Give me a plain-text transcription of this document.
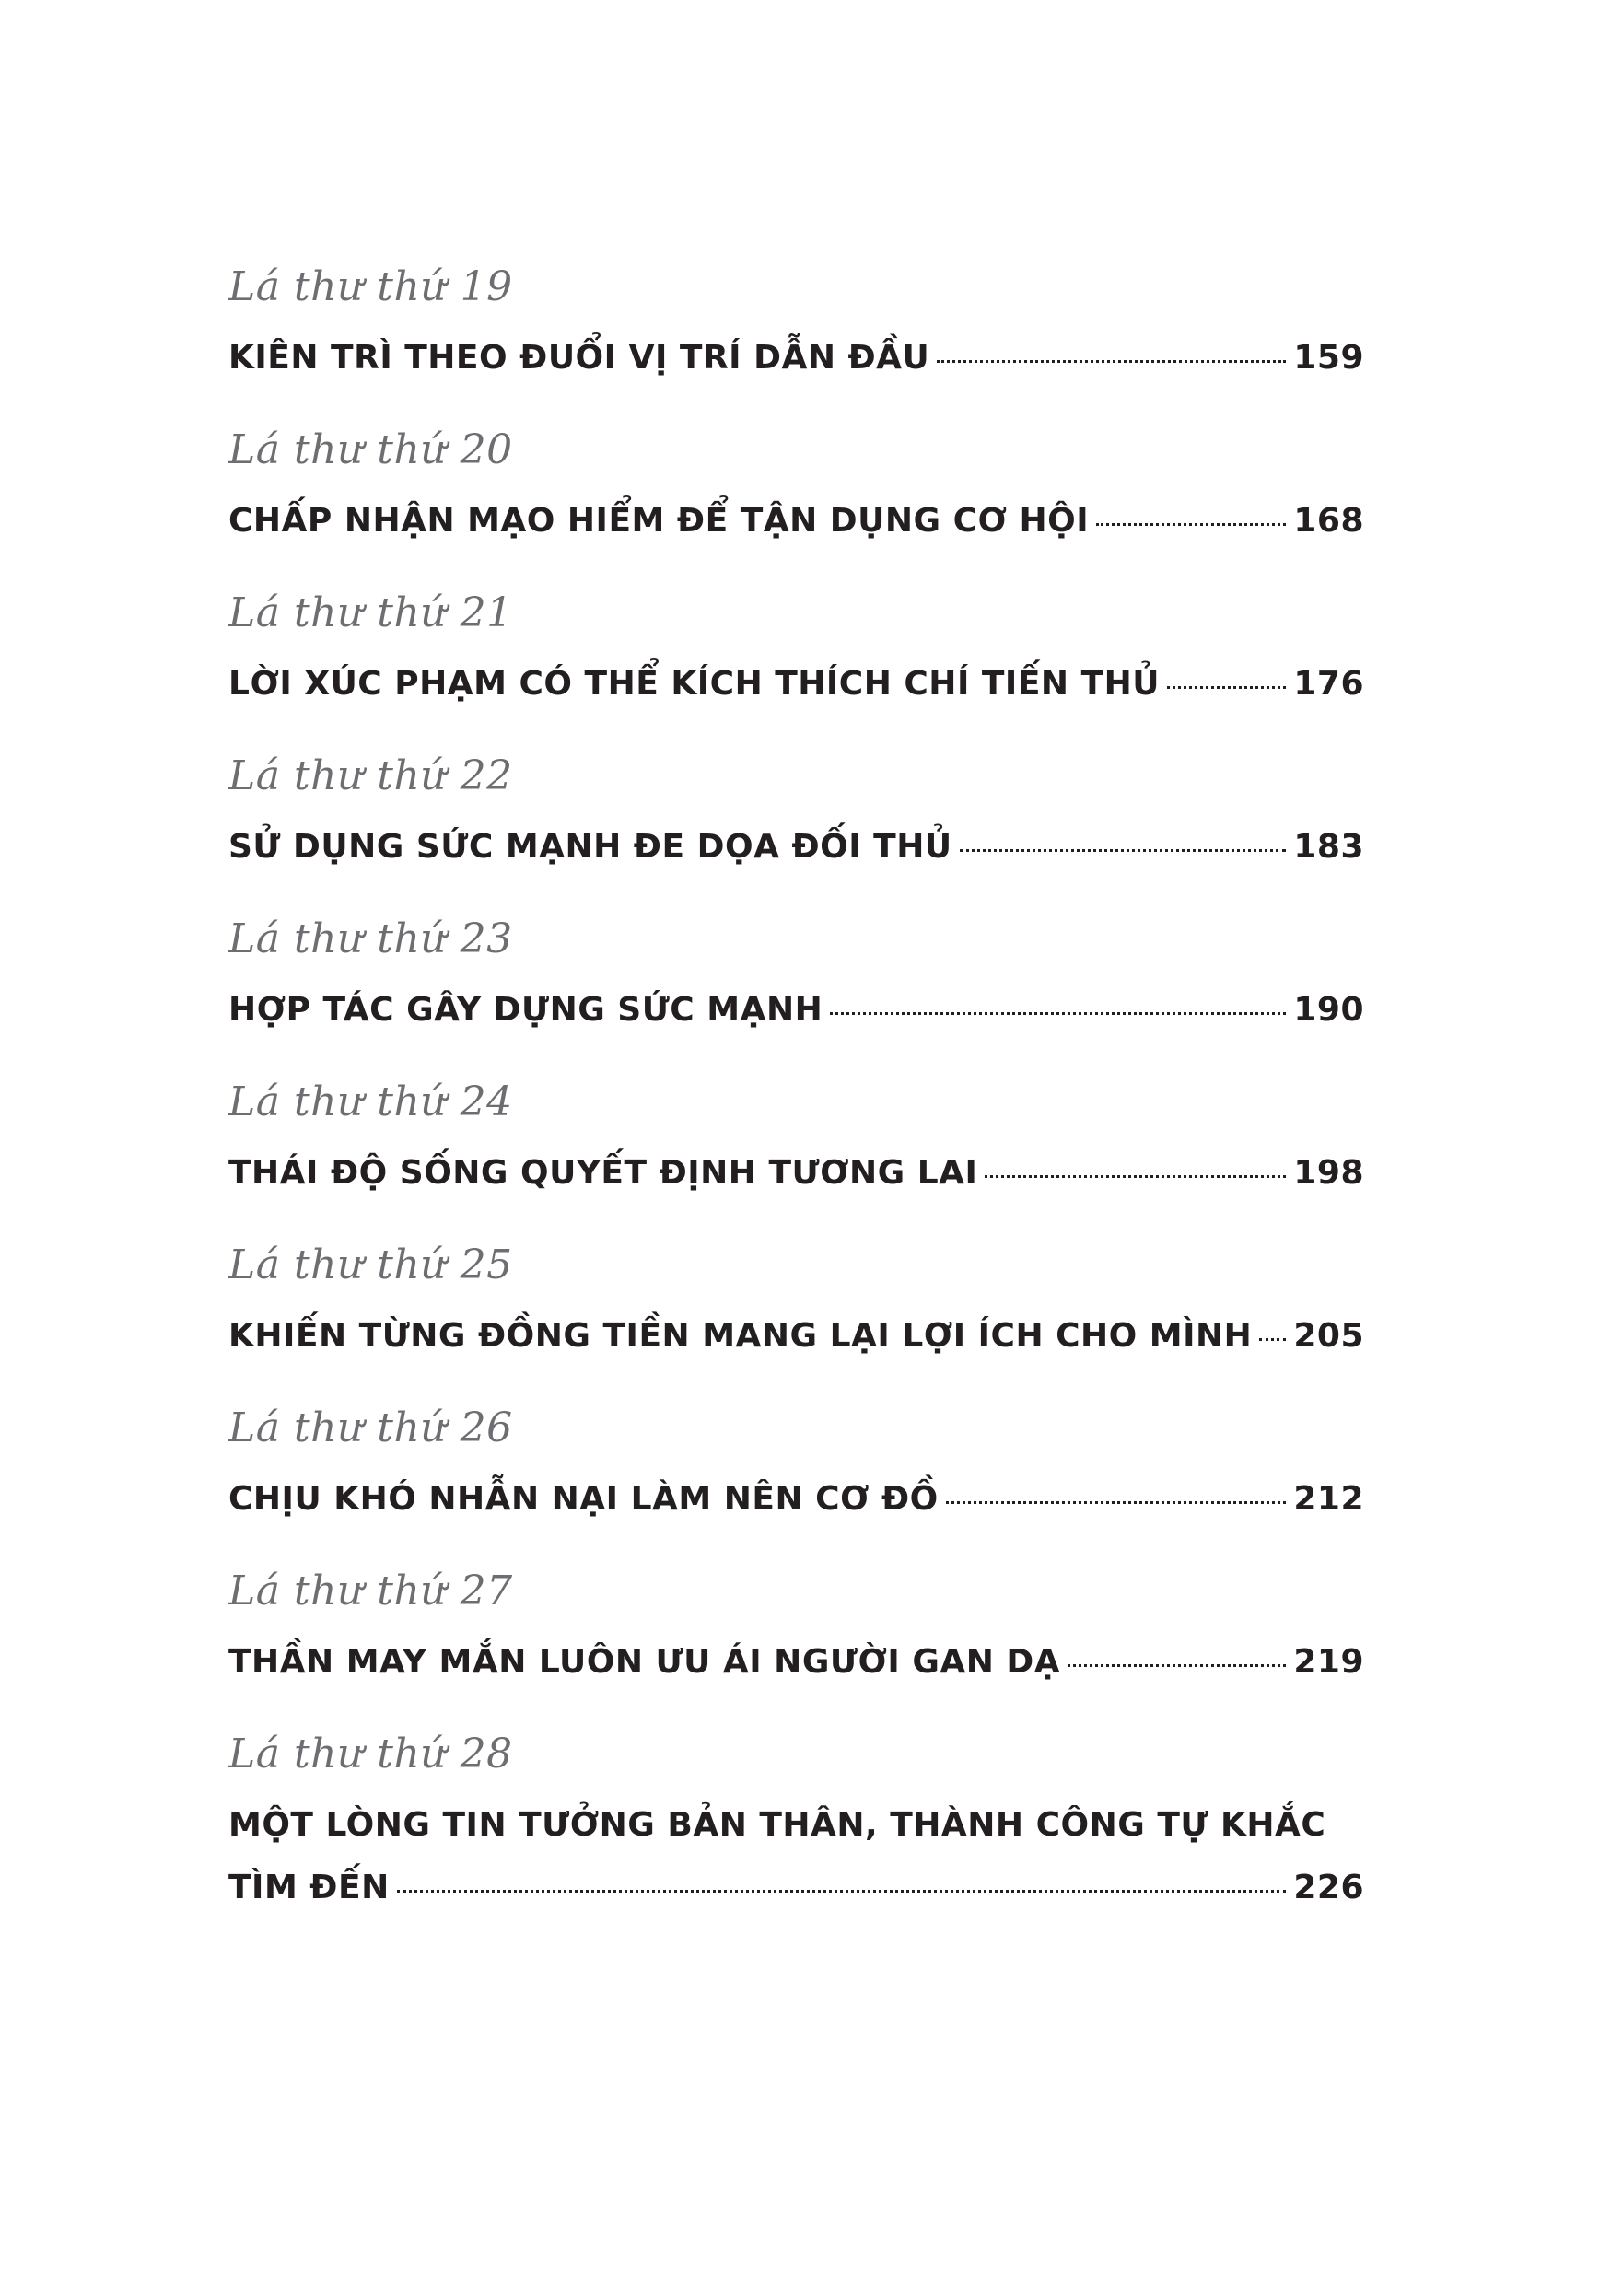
Lá thư thứ 19
KIÊN TRÌ THEO ĐUỔI VỊ TRÍ DẪN ĐẦU	159
Lá thư thứ 20
CHẤP NHẬN MẠO HIỂM ĐỂ TẬN DỤNG CƠ HỘI	168
Lá thư thứ 21
LỜI XÚC PHẠM CÓ THỂ KÍCH THÍCH CHÍ TIẾN THỦ	176
Lá thư thứ 22
SỬ DỤNG SỨC MẠNH ĐE DỌA ĐỐI THỦ	183
Lá thư thứ 23
HỢP TÁC GÂY DỰNG SỨC MẠNH	190
Lá thư thứ 24
THÁI ĐỘ SỐNG QUYẾT ĐỊNH TƯƠNG LAI	198
Lá thư thứ 25
KHIẾN TỪNG ĐỒNG TIỀN MANG LẠI LỢI ÍCH CHO MÌNH 205
Lá thư thứ 26
CHỊU KHÓ NHẪN NẠI LÀM NÊN CƠ ĐỒ	212
Lá thư thứ 27
THẦN MAY MẮN LUÔN ƯU ÁI NGƯỜI GAN DẠ	219
Lá thư thứ 28
MỘT LÒNG TIN TƯỞNG BẢN THÂN, THÀNH CÔNG TỰ KHẮC
TÌM ĐẾN	226
